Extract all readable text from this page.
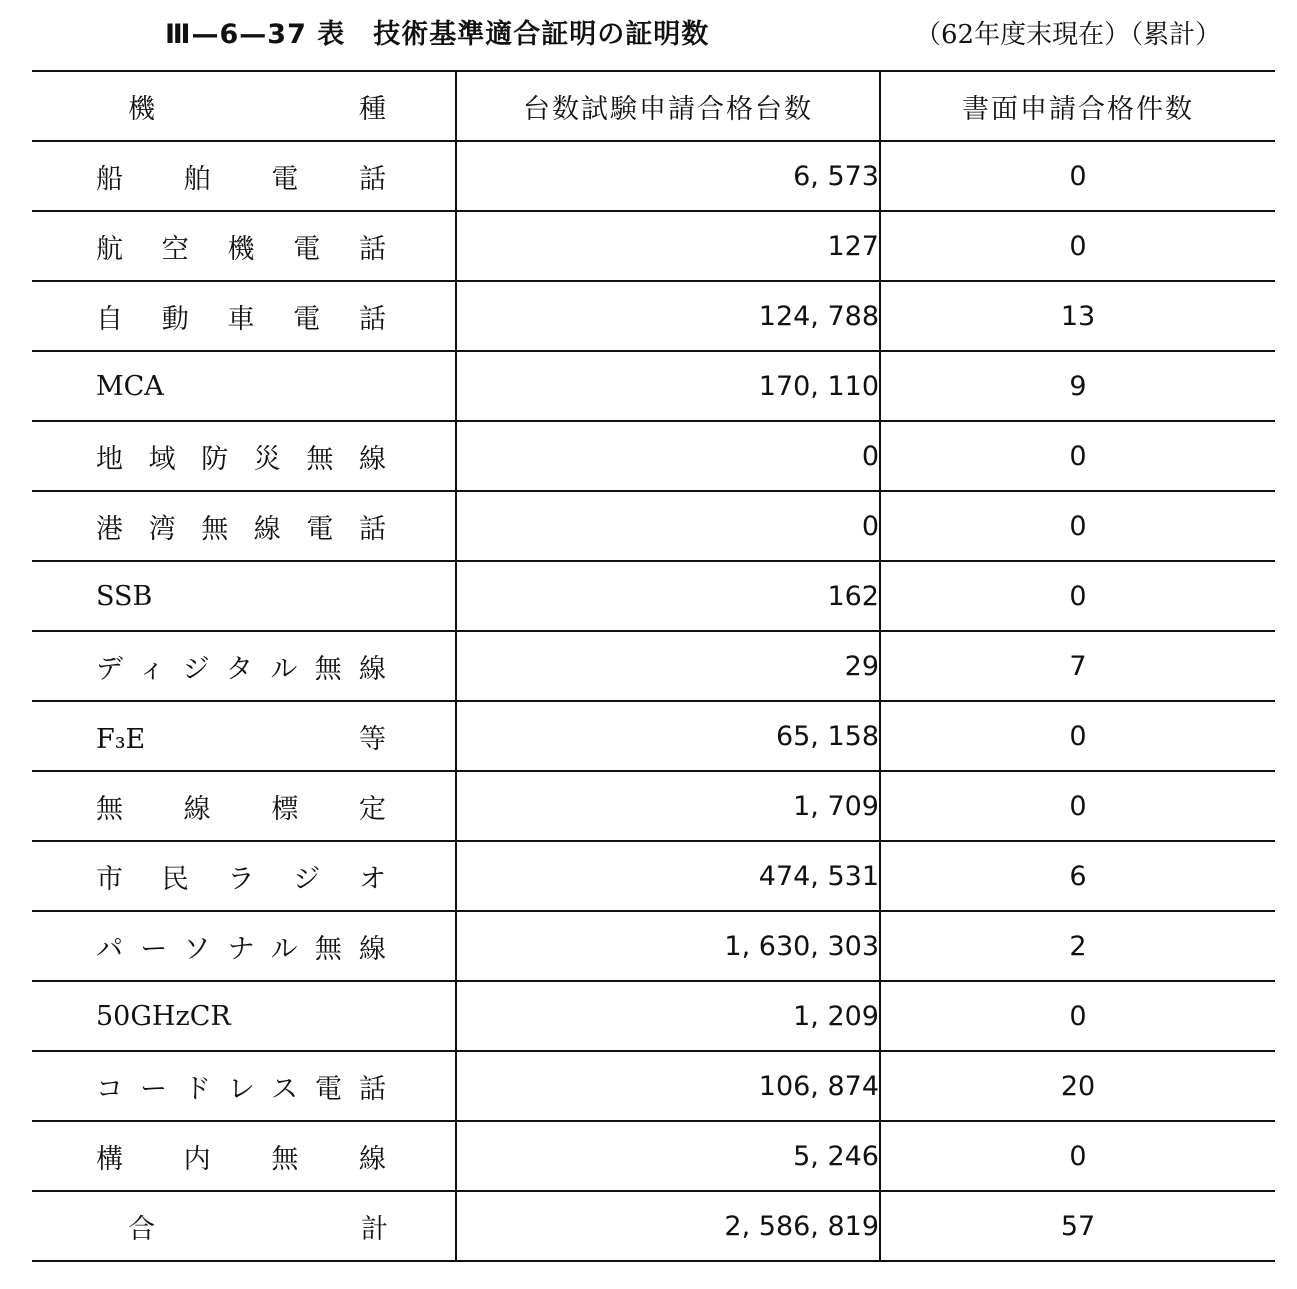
Ⅲ—6—37 表　技術基準適合証明の証明数	（62年度末現在）（累計）
機種	台数試験申請合格台数	書面申請合格件数

船舶電話	6, 573	0

航空機電話	127	0

自動車電話	124, 788	13

MCA	170, 110	9

地域防災無線	0	0

港湾無線電話	0	0

SSB	162	0

ディジタル無線	29	7

F₃E等	65, 158	0

無線標定	1, 709	0

市民ラジオ	474, 531	6

パーソナル無線	1, 630, 303	2

50GHzCR	1, 209	0

コードレス電話	106, 874	20

構内無線	5, 246	0

合計	2, 586, 819	57
